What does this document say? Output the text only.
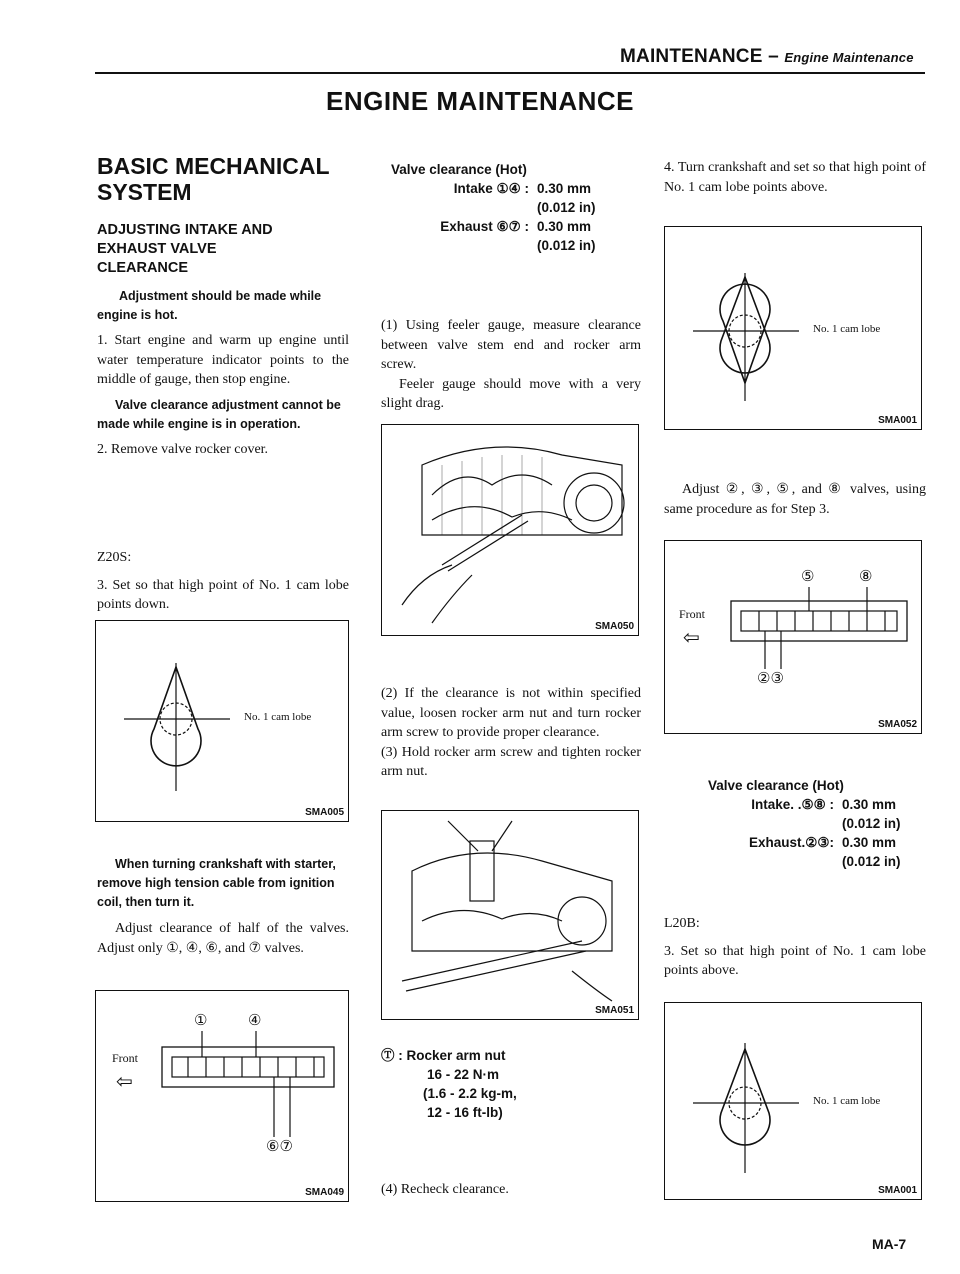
MAINTENANCE – Engine Maintenance
ENGINE MAINTENANCE
BASIC MECHANICAL
SYSTEM
ADJUSTING INTAKE AND
EXHAUST VALVE
CLEARANCE
Adjustment should be made while engine is hot.
1. Start engine and warm up engine until water temperature indicator points to the middle of gauge, then stop engine.
Valve clearance adjustment cannot be made while engine is in operation.
2. Remove valve rocker cover.
Z20S:
3. Set so that high point of No. 1 cam lobe points down.
No. 1 cam lobe
SMA005
When turning crankshaft with starter, remove high tension cable from ignition coil, then turn it.
Adjust clearance of half of the valves. Adjust only ①, ④, ⑥, and ⑦ valves.
Front
⇦
①	④
⑥⑦
SMA049
Valve clearance (Hot)
Intake ①④ : 0.30 mm
(0.012 in)
Exhaust ⑥⑦ : 0.30 mm
(0.012 in)
(1) Using feeler gauge, measure clearance between valve stem end and rocker arm screw.
Feeler gauge should move with a very slight drag.
SMA050
(2) If the clearance is not within specified value, loosen rocker arm nut and turn rocker arm screw to provide proper clearance.
(3) Hold rocker arm screw and tighten rocker arm nut.
SMA051
Ⓣ : Rocker arm nut
16 - 22 N·m
(1.6 - 2.2 kg-m,
12 - 16 ft-lb)
(4) Recheck clearance.
4. Turn crankshaft and set so that high point of No. 1 cam lobe points above.
No. 1 cam lobe
SMA001
Adjust ②, ③, ⑤, and ⑧ valves, using same procedure as for Step 3.
Front
⇦
⑤	⑧
②③
SMA052
Valve clearance (Hot)
Intake. .⑤⑧ : 0.30 mm
(0.012 in)
Exhaust.②③: 0.30 mm
(0.012 in)
L20B:
3. Set so that high point of No. 1 cam lobe points above.
No. 1 cam lobe
SMA001
MA-7
